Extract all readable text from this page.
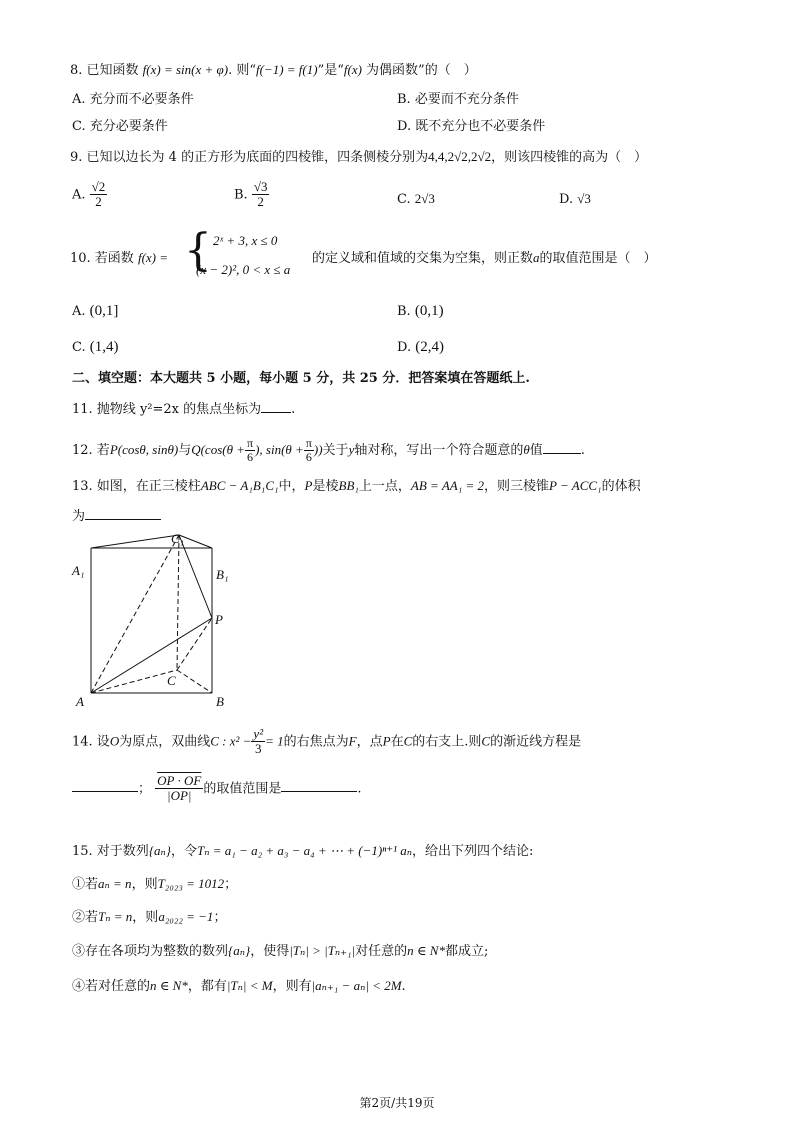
8. 已知函数 f(x) = sin(x + φ). 则“f(−1) = f(1)”是“f(x) 为偶函数”的（　）
A. 充分而不必要条件	B. 必要而不充分条件
C. 充分必要条件	D. 既不充分也不必要条件
9. 已知以边长为 4 的正方形为底面的四棱锥，四条侧棱分别为4,4,2√2,2√2，则该四棱锥的高为（　）
A. $\frac{√2}{2}$	B. $\frac{√3}{2}$	C. 2√3	D. √3
10. 若函数 f(x) = { 2ˣ + 3, x ≤ 0
(x − 2)², 0 < x ≤ a
的定义域和值域的交集为空集，则正数a的取值范围是（　）
A. (0,1]	B. (0,1)
C. (1,4)	D. (2,4)
二、填空题：本大题共 5 小题，每小题 5 分，共 25 分．把答案填在答题纸上.
11. 抛物线 y²=2x 的焦点坐标为 .
12. 若P(cosθ, sinθ)与$Q(\cos(\theta + \frac{\pi}{6}$ ), $\sin(\theta + \frac{\pi}{6}$ ))关于y轴对称，写出一个符合题意的θ值	.
13. 如图，在正三棱柱ABC − A₁B₁C₁中，P是棱BB₁上一点，AB = AA₁ = 2，则三棱锥P − ACC₁的体积
为
C₁
A₁	B₁
P
C
A	B
14. 设O为原点，双曲线C : $x^2 - \frac{\text{y²}}{3} = 1$的右焦点为F，点P在C的右支上.则C的渐近线方程是
； $\frac{OP \cdot OF}{|OP|}$ 的取值范围是	.
15. 对于数列{aₙ}，令Tₙ = a₁ − a₂ + a₃ − a₄ + ⋯ + (−1)ⁿ⁺¹ aₙ，给出下列四个结论:
①若aₙ = n，则T₂₀₂₃ = 1012；
②若Tₙ = n，则a₂₀₂₂ = −1；
③存在各项均为整数的数列{aₙ}，使得|Tₙ| > |Tₙ₊₁|对任意的n ∈ N*都成立;
④若对任意的n ∈ N*，都有|Tₙ| < M，则有|aₙ₊₁ − aₙ| < 2M.
第2页/共19页
